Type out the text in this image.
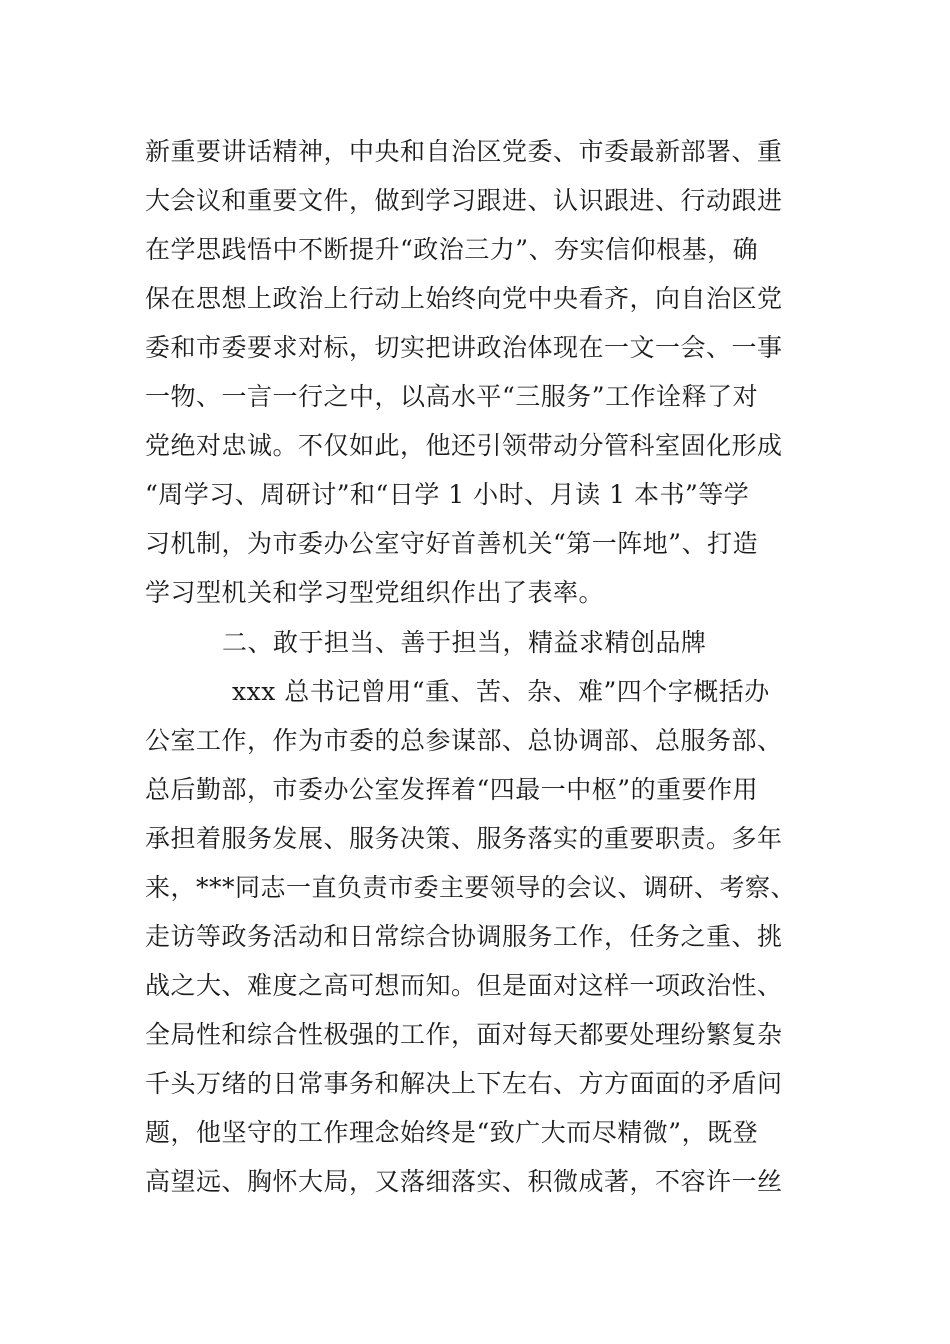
新重要讲话精神，中央和自治区党委、市委最新部署、重
大会议和重要文件，做到学习跟进、认识跟进、行动跟进
在学思践悟中不断提升“政治三力”、夯实信仰根基，确
保在思想上政治上行动上始终向党中央看齐，向自治区党
委和市委要求对标，切实把讲政治体现在一文一会、一事
一物、一言一行之中，以高水平“三服务”工作诠释了对
党绝对忠诚。不仅如此，他还引领带动分管科室固化形成
“周学习、周研讨”和“日学 1 小时、月读 1 本书”等学
习机制，为市委办公室守好首善机关“第一阵地”、打造
学习型机关和学习型党组织作出了表率。
二、敢于担当、善于担当，精益求精创品牌
xxx 总书记曾用“重、苦、杂、难”四个字概括办
公室工作，作为市委的总参谋部、总协调部、总服务部、
总后勤部，市委办公室发挥着“四最一中枢”的重要作用
承担着服务发展、服务决策、服务落实的重要职责。多年
来，***同志一直负责市委主要领导的会议、调研、考察、
走访等政务活动和日常综合协调服务工作，任务之重、挑
战之大、难度之高可想而知。但是面对这样一项政治性、
全局性和综合性极强的工作，面对每天都要处理纷繁复杂
千头万绪的日常事务和解决上下左右、方方面面的矛盾问
题，他坚守的工作理念始终是“致广大而尽精微”，既登
高望远、胸怀大局，又落细落实、积微成著，不容许一丝
